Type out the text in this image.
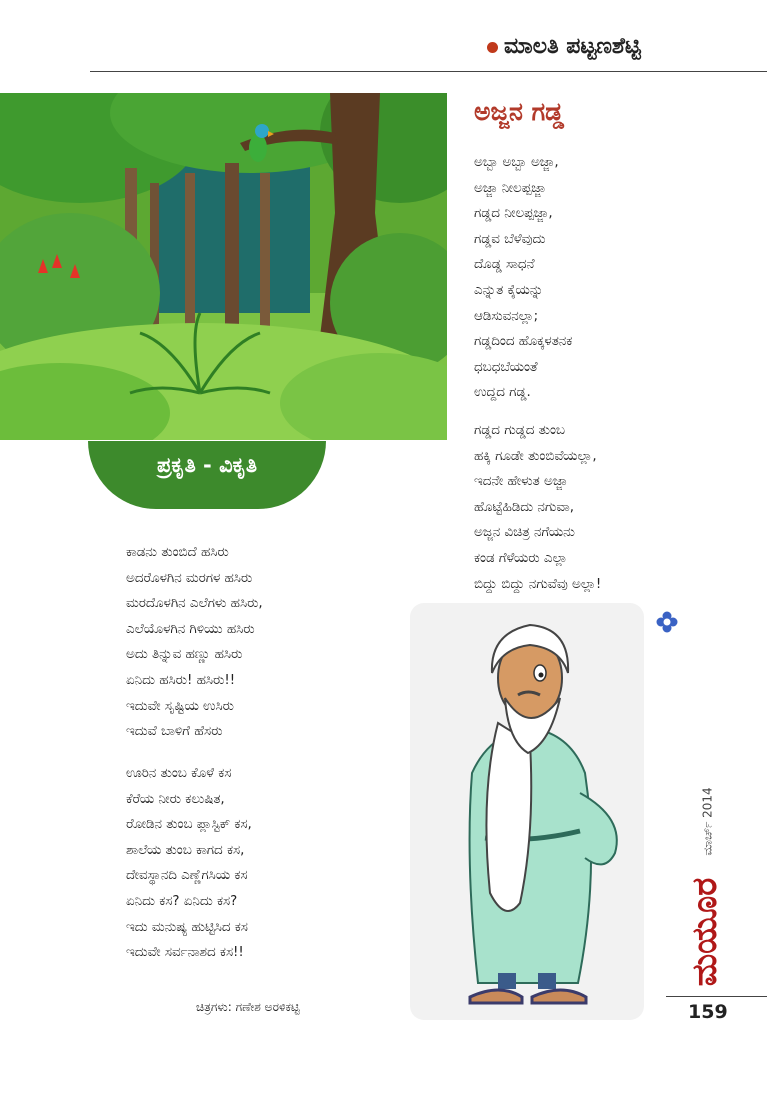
ಮಾಲತಿ ಪಟ್ಟಣಶೆಟ್ಟಿ
ಪ್ರಕೃತಿ - ವಿಕೃತಿ
ಅಜ್ಜನ ಗಡ್ಡ
ಅಬ್ಬಾ ಅಬ್ಬಾ ಅಜ್ಜಾ,
ಅಜ್ಜಾ ನೀಲಪ್ಪಜ್ಜಾ
ಗಡ್ಡದ ನೀಲಪ್ಪಜ್ಜಾ,
ಗಡ್ಡವ ಬೆಳೆವುದು
ದೊಡ್ಡ ಸಾಧನೆ
ಎನ್ನುತ ಕೈಯನ್ನು
ಆಡಿಸುವನಲ್ಲಾ;
ಗಡ್ಡದಿಂದ ಹೊಕ್ಕಳತನಕ
ಧಬಧಬೆಯಂತೆ
ಉದ್ದದ ಗಡ್ಡ.
ಗಡ್ಡದ ಗುಡ್ಡದ ತುಂಬ
ಹಕ್ಕಿ ಗೂಡೇ ತುಂಬಿವೆಯಲ್ಲಾ,
ಇದನೇ ಹೇಳುತ ಅಜ್ಜಾ
ಹೊಟ್ಟೆಹಿಡಿದು ನಗುವಾ,
ಅಜ್ಜನ ವಿಚಿತ್ರ ನಗೆಯನು
ಕಂಡ ಗೆಳೆಯರು ಎಲ್ಲಾ
ಬಿದ್ದು ಬಿದ್ದು ನಗುವೆವು ಅಲ್ಲಾ!
ಕಾಡನು ತುಂಬಿದೆ ಹಸಿರು
ಅದರೊಳಗಿನ ಮರಗಳ ಹಸಿರು
ಮರದೊಳಗಿನ ಎಲೆಗಳು ಹಸಿರು,
ಎಲೆಯೊಳಗಿನ ಗಿಳಿಯು ಹಸಿರು
ಅದು ತಿನ್ನುವ ಹಣ್ಣು ಹಸಿರು
ಏನಿದು ಹಸಿರು! ಹಸಿರು!!
ಇದುವೇ ಸೃಷ್ಟಿಯ ಉಸಿರು
ಇದುವೆ ಬಾಳಿಗೆ ಹೆಸರು
ಊರಿನ ತುಂಬ ಕೊಳೆ ಕಸ
ಕೆರೆಯ ನೀರು ಕಲುಷಿತ,
ರೋಡಿನ ತುಂಬ ಪ್ಲಾಸ್ಟಿಕ್ ಕಸ,
ಶಾಲೆಯ ತುಂಬ ಕಾಗದ ಕಸ,
ದೇವಸ್ಥಾನದಿ ಎಣ್ಣೆಗಸಿಯ ಕಸ
ಏನಿದು ಕಸ? ಏನಿದು ಕಸ?
ಇದು ಮನುಷ್ಯ ಹುಟ್ಟಿಸಿದ ಕಸ
ಇದುವೇ ಸರ್ವನಾಶದ ಕಸ!!
ಮಾರ್ಚ್ 2014
ಮಯೂರ
159
ಚಿತ್ರಗಳು: ಗಣೇಶ ಅರಳಿಕಟ್ಟಿ
